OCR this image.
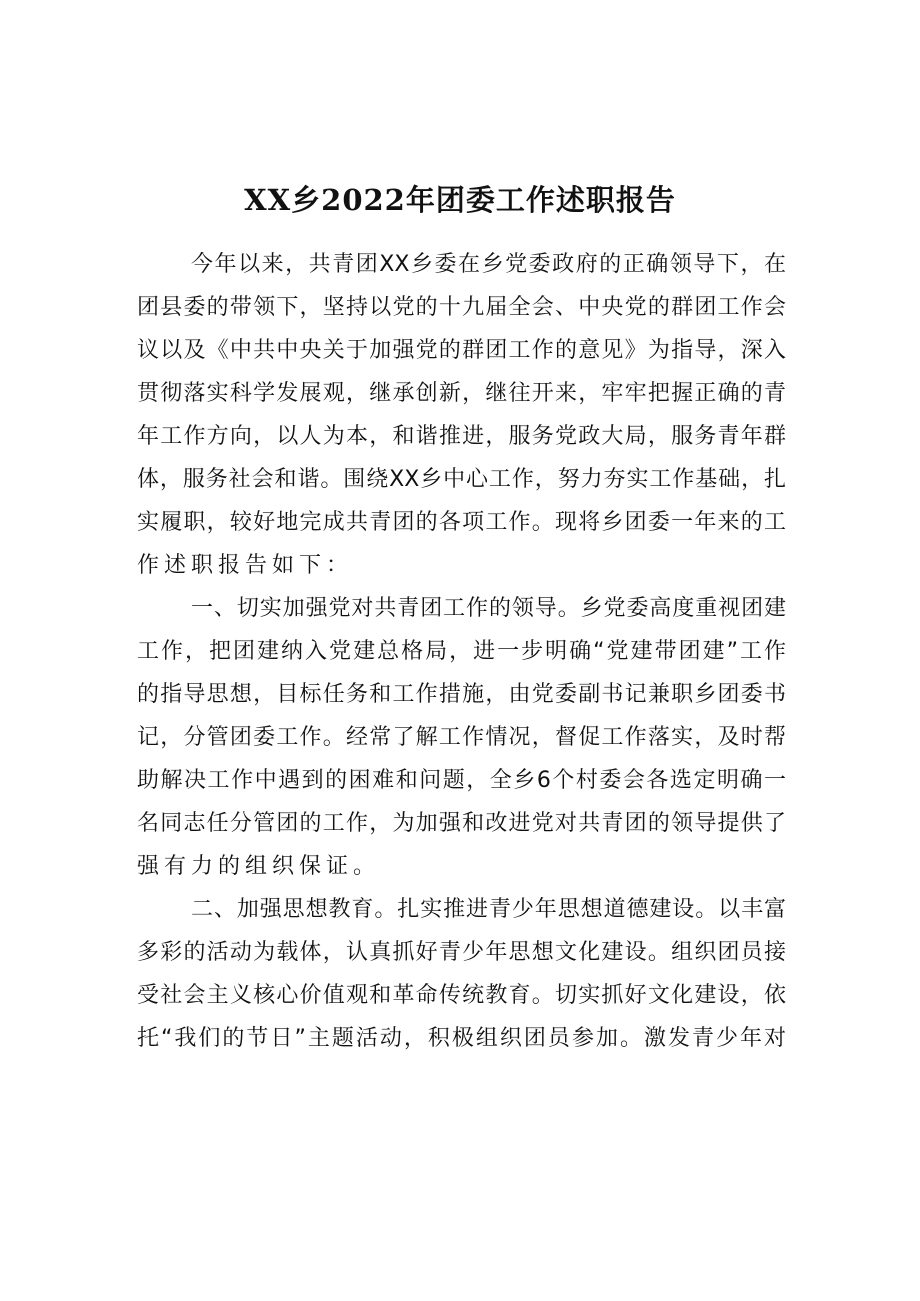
XX乡2022年团委工作述职报告
今年以来，共青团XX乡委在乡党委政府的正确领导下，在
团县委的带领下，坚持以党的十九届全会、中央党的群团工作会
议以及《中共中央关于加强党的群团工作的意见》为指导，深入
贯彻落实科学发展观，继承创新，继往开来，牢牢把握正确的青
年工作方向，以人为本，和谐推进，服务党政大局，服务青年群
体，服务社会和谐。围绕XX乡中心工作，努力夯实工作基础，扎
实履职，较好地完成共青团的各项工作。现将乡团委一年来的工
作述职报告如下：
一、切实加强党对共青团工作的领导。乡党委高度重视团建
工作，把团建纳入党建总格局，进一步明确“党建带团建”工作
的指导思想，目标任务和工作措施，由党委副书记兼职乡团委书
记，分管团委工作。经常了解工作情况，督促工作落实，及时帮
助解决工作中遇到的困难和问题，全乡6个村委会各选定明确一
名同志任分管团的工作，为加强和改进党对共青团的领导提供了
强有力的组织保证。
二、加强思想教育。扎实推进青少年思想道德建设。以丰富
多彩的活动为载体，认真抓好青少年思想文化建设。组织团员接
受社会主义核心价值观和革命传统教育。切实抓好文化建设，依
托“我们的节日”主题活动，积极组织团员参加。激发青少年对
